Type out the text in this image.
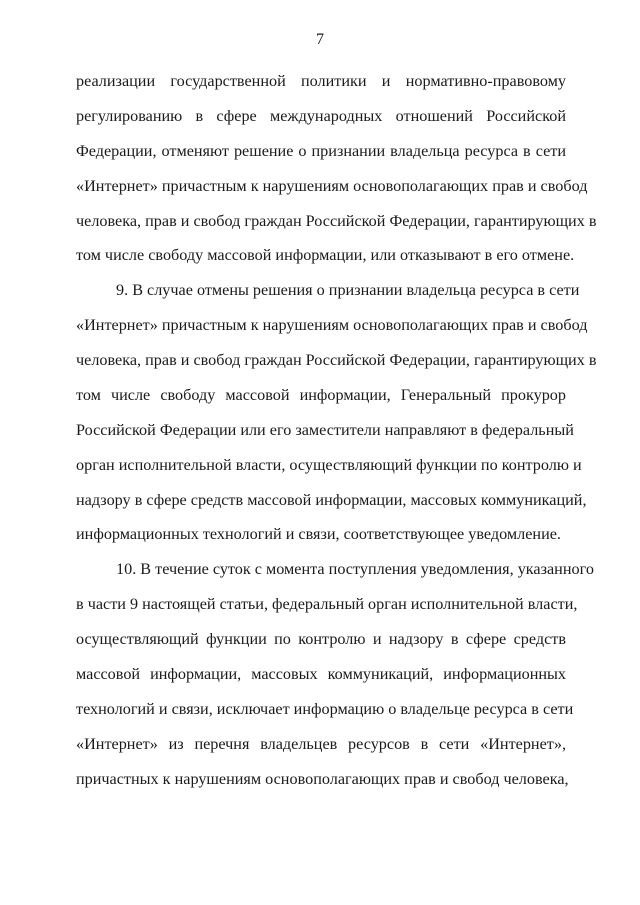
7
реализации государственной политики и нормативно-правовому
регулированию в сфере международных отношений Российской
Федерации, отменяют решение о признании владельца ресурса в сети
«Интернет» причастным к нарушениям основополагающих прав и свобод
человека, прав и свобод граждан Российской Федерации, гарантирующих в
том числе свободу массовой информации, или отказывают в его отмене.
9. В случае отмены решения о признании владельца ресурса в сети
«Интернет» причастным к нарушениям основополагающих прав и свобод
человека, прав и свобод граждан Российской Федерации, гарантирующих в
том числе свободу массовой информации, Генеральный прокурор
Российской Федерации или его заместители направляют в федеральный
орган исполнительной власти, осуществляющий функции по контролю и
надзору в сфере средств массовой информации, массовых коммуникаций,
информационных технологий и связи, соответствующее уведомление.
10. В течение суток с момента поступления уведомления, указанного
в части 9 настоящей статьи, федеральный орган исполнительной власти,
осуществляющий функции по контролю и надзору в сфере средств
массовой информации, массовых коммуникаций, информационных
технологий и связи, исключает информацию о владельце ресурса в сети
«Интернет» из перечня владельцев ресурсов в сети «Интернет»,
причастных к нарушениям основополагающих прав и свобод человека,
